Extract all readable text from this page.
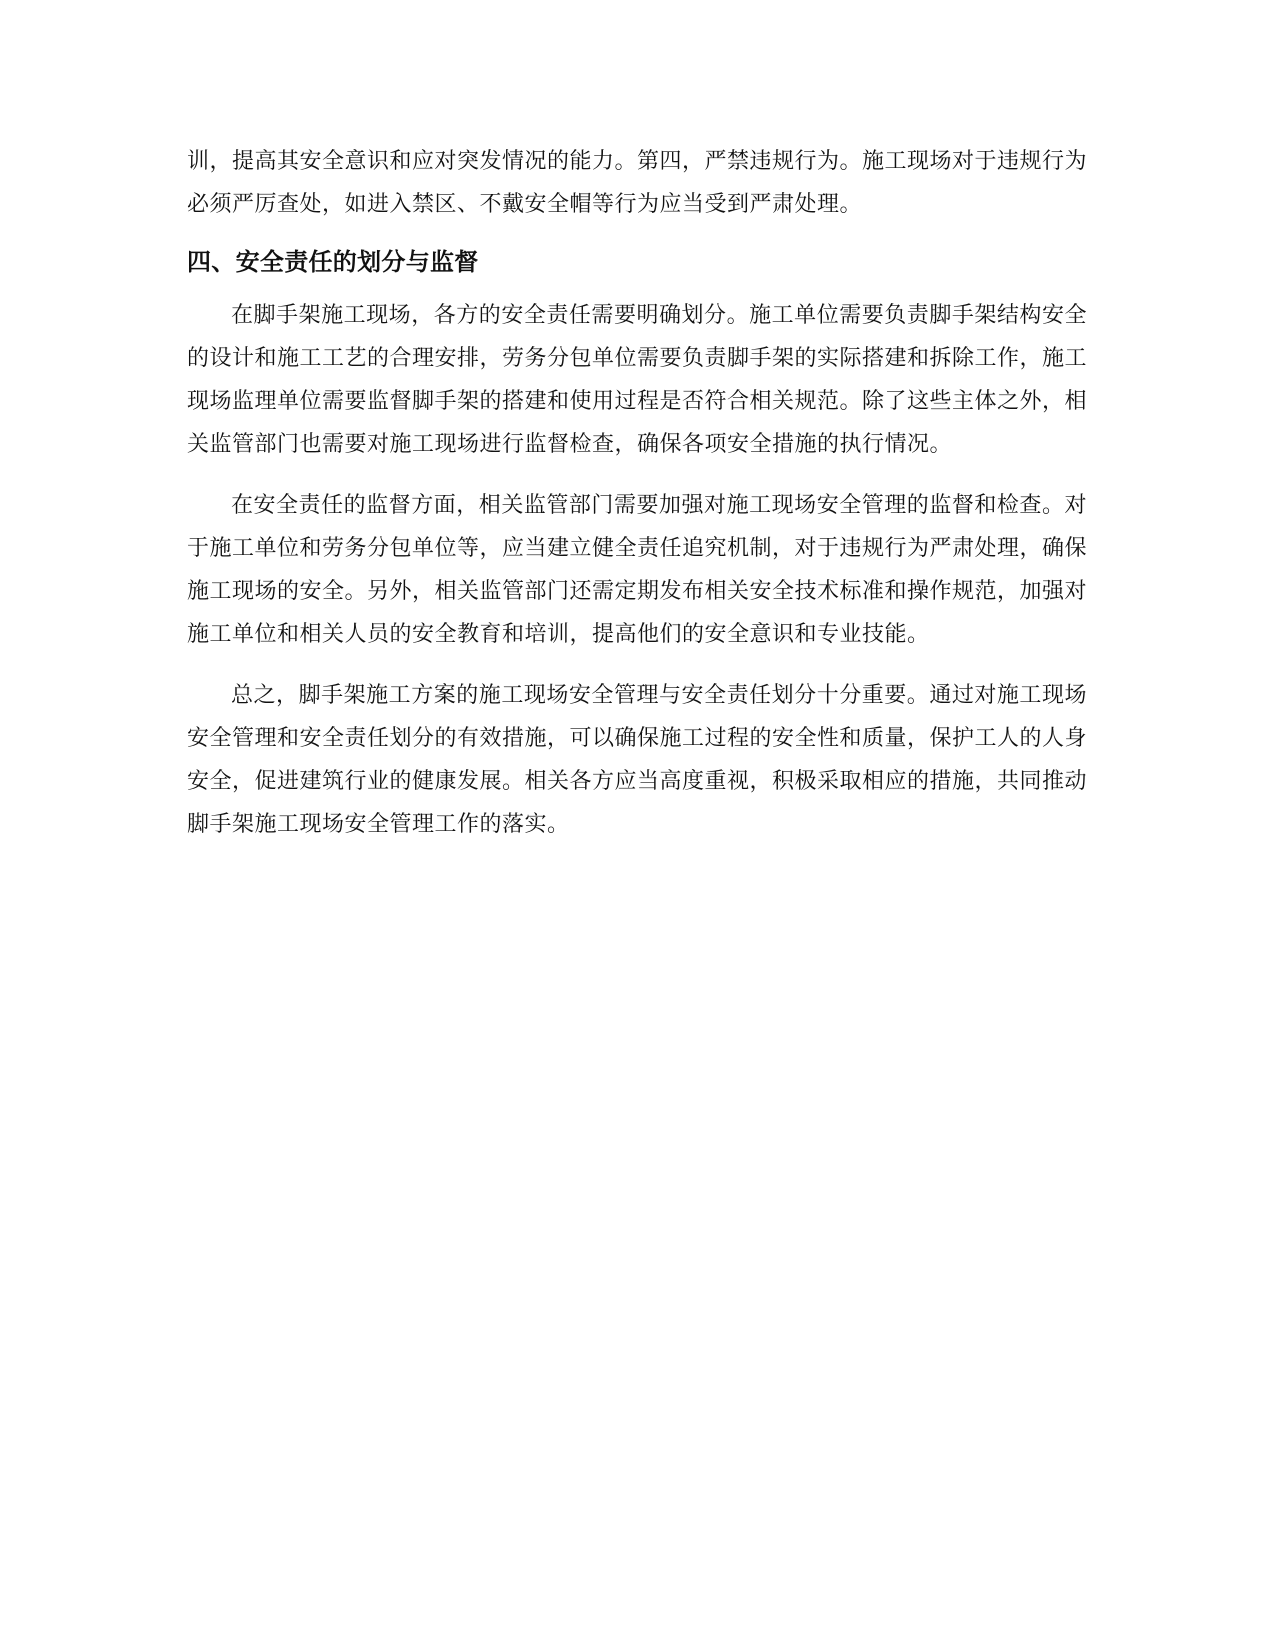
训，提高其安全意识和应对突发情况的能力。第四，严禁违规行为。施工现场对于违规行为必须严厉查处，如进入禁区、不戴安全帽等行为应当受到严肃处理。

四、安全责任的划分与监督

在脚手架施工现场，各方的安全责任需要明确划分。施工单位需要负责脚手架结构安全的设计和施工工艺的合理安排，劳务分包单位需要负责脚手架的实际搭建和拆除工作，施工现场监理单位需要监督脚手架的搭建和使用过程是否符合相关规范。除了这些主体之外，相关监管部门也需要对施工现场进行监督检查，确保各项安全措施的执行情况。

在安全责任的监督方面，相关监管部门需要加强对施工现场安全管理的监督和检查。对于施工单位和劳务分包单位等，应当建立健全责任追究机制，对于违规行为严肃处理，确保施工现场的安全。另外，相关监管部门还需定期发布相关安全技术标准和操作规范，加强对施工单位和相关人员的安全教育和培训，提高他们的安全意识和专业技能。

总之，脚手架施工方案的施工现场安全管理与安全责任划分十分重要。通过对施工现场安全管理和安全责任划分的有效措施，可以确保施工过程的安全性和质量，保护工人的人身安全，促进建筑行业的健康发展。相关各方应当高度重视，积极采取相应的措施，共同推动脚手架施工现场安全管理工作的落实。
